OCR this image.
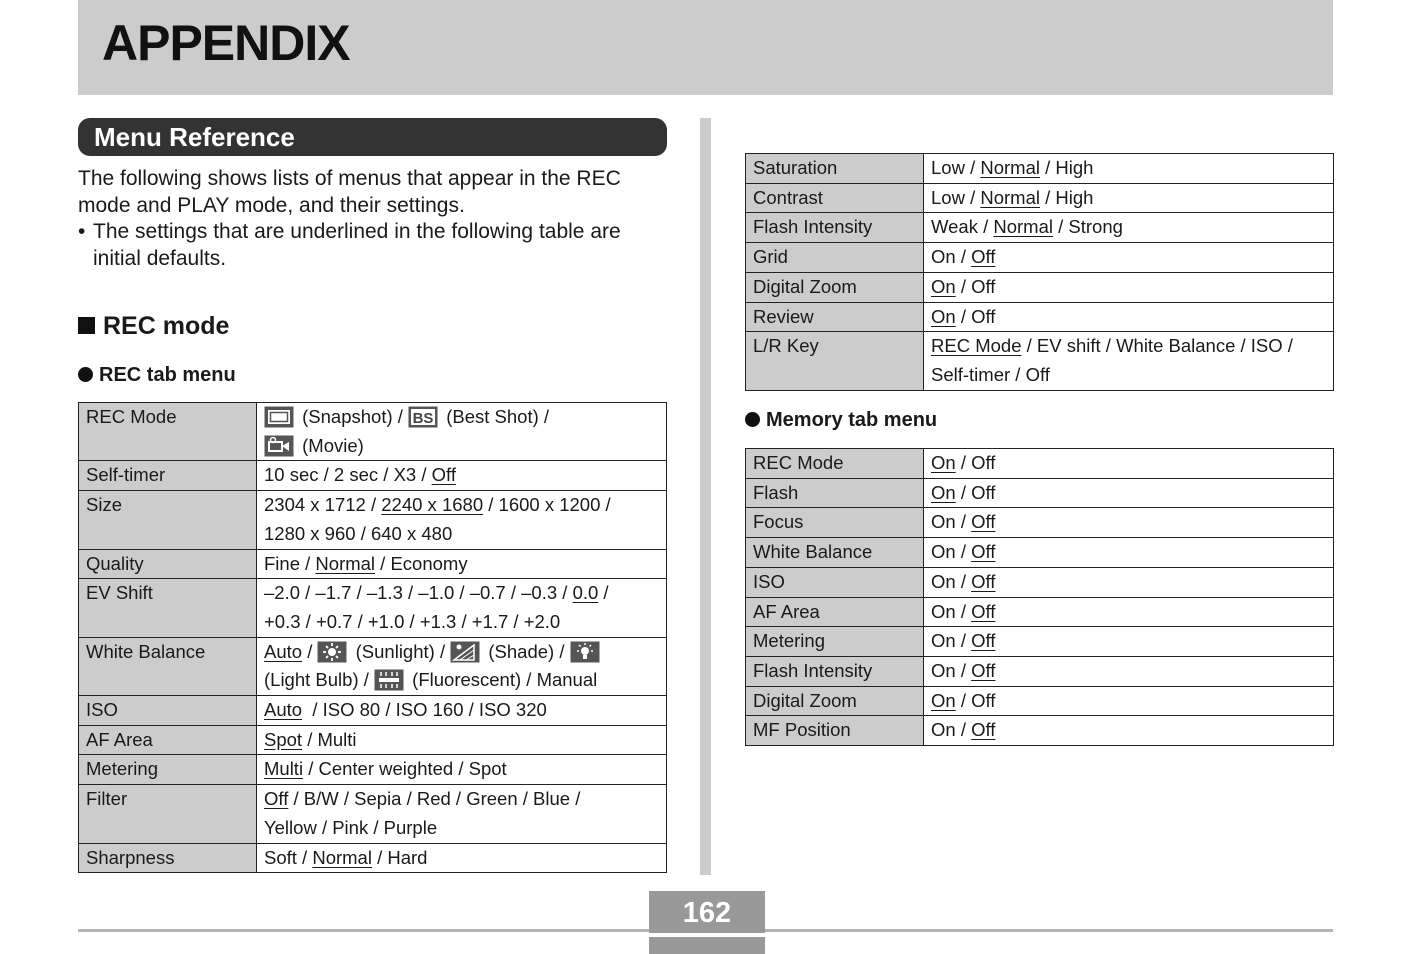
APPENDIX
Menu Reference
The following shows lists of menus that appear in the REC mode and PLAY mode, and their settings.
• The settings that are underlined in the following table are initial defaults.
REC mode
REC tab menu
REC Mode	(Snapshot) / BS (Best Shot) /

(Movie)
Self-timer	10 sec / 2 sec / X3 / Off
Size	2304 x 1712 / 2240 x 1680 / 1600 x 1200 /
1280 x 960 / 640 x 480
Quality	Fine / Normal / Economy
EV Shift	–2.0 / –1.7 / –1.3 / –1.0 / –0.7 / –0.3 / 0.0 /
+0.3 / +0.7 / +1.0 / +1.3 / +1.7 / +2.0
White Balance	Auto / (Sunlight) / (Shade) /

(Light Bulb) / (Fluorescent) / Manual
ISO	Auto  / ISO 80 / ISO 160 / ISO 320
AF Area	Spot / Multi
Metering	Multi / Center weighted / Spot
Filter	Off / B/W / Sepia / Red / Green / Blue /
Yellow / Pink / Purple
Sharpness	Soft / Normal / Hard
Saturation	Low / Normal / High
Contrast	Low / Normal / High
Flash Intensity	Weak / Normal / Strong
Grid	On / Off
Digital Zoom	On / Off
Review	On / Off
L/R Key	REC Mode / EV shift / White Balance / ISO /
Self-timer / Off
Memory tab menu
REC Mode	On / Off
Flash	On / Off
Focus	On / Off
White Balance	On / Off
ISO	On / Off
AF Area	On / Off
Metering	On / Off
Flash Intensity	On / Off
Digital Zoom	On / Off
MF Position	On / Off
162
